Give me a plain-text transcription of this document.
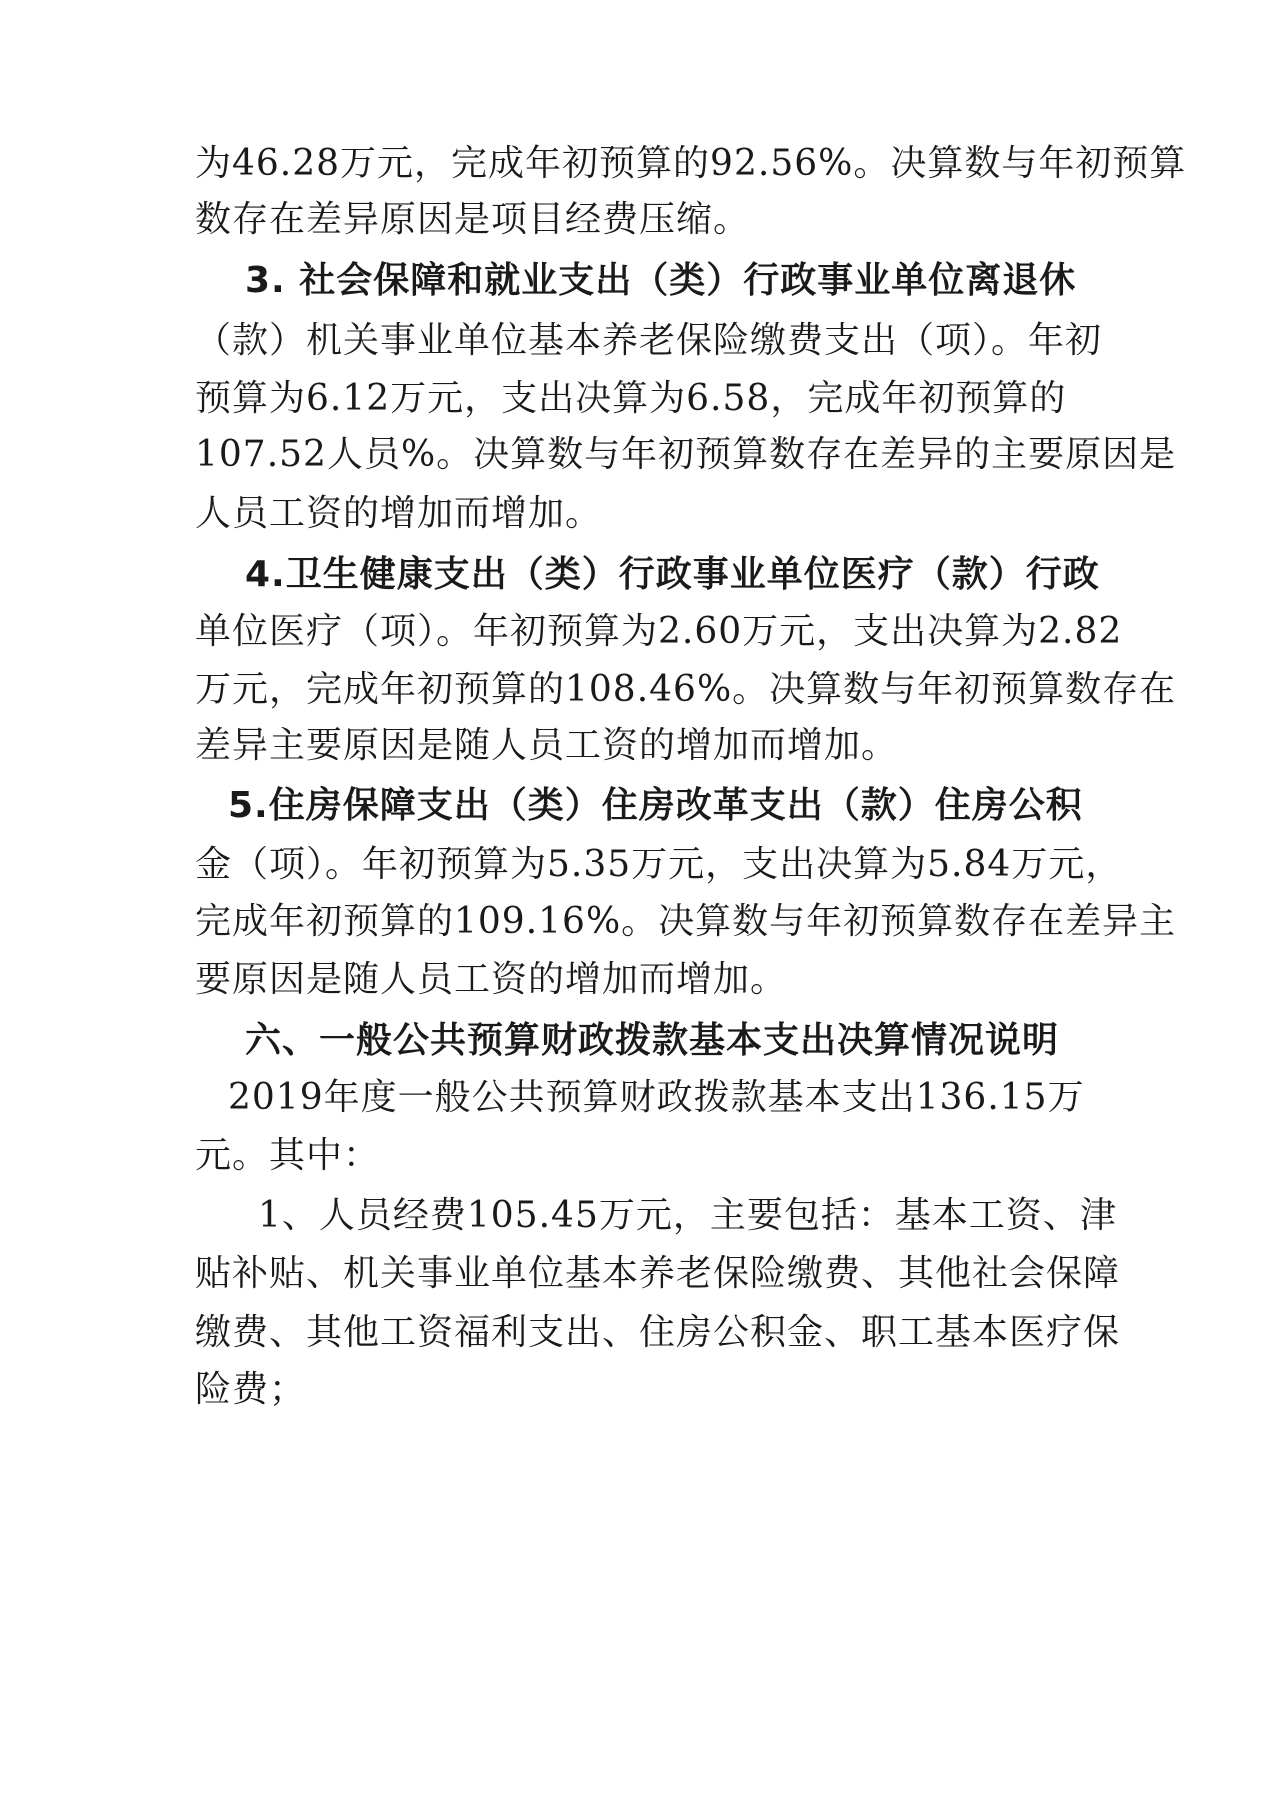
为46.28万元，完成年初预算的92.56%。决算数与年初预算
数存在差异原因是项目经费压缩。
3. 社会保障和就业支出（类）行政事业单位离退休
（款）机关事业单位基本养老保险缴费支出（项）。年初
预算为6.12万元，支出决算为6.58，完成年初预算的
107.52人员%。决算数与年初预算数存在差异的主要原因是
人员工资的增加而增加。
4.卫生健康支出（类）行政事业单位医疗（款）行政
单位医疗（项）。年初预算为2.60万元，支出决算为2.82
万元，完成年初预算的108.46%。决算数与年初预算数存在
差异主要原因是随人员工资的增加而增加。
5.住房保障支出（类）住房改革支出（款）住房公积
金（项）。年初预算为5.35万元，支出决算为5.84万元，
完成年初预算的109.16%。决算数与年初预算数存在差异主
要原因是随人员工资的增加而增加。
六、一般公共预算财政拨款基本支出决算情况说明
2019年度一般公共预算财政拨款基本支出136.15万
元。其中：
1、人员经费105.45万元，主要包括：基本工资、津
贴补贴、机关事业单位基本养老保险缴费、其他社会保障
缴费、其他工资福利支出、住房公积金、职工基本医疗保
险费；
